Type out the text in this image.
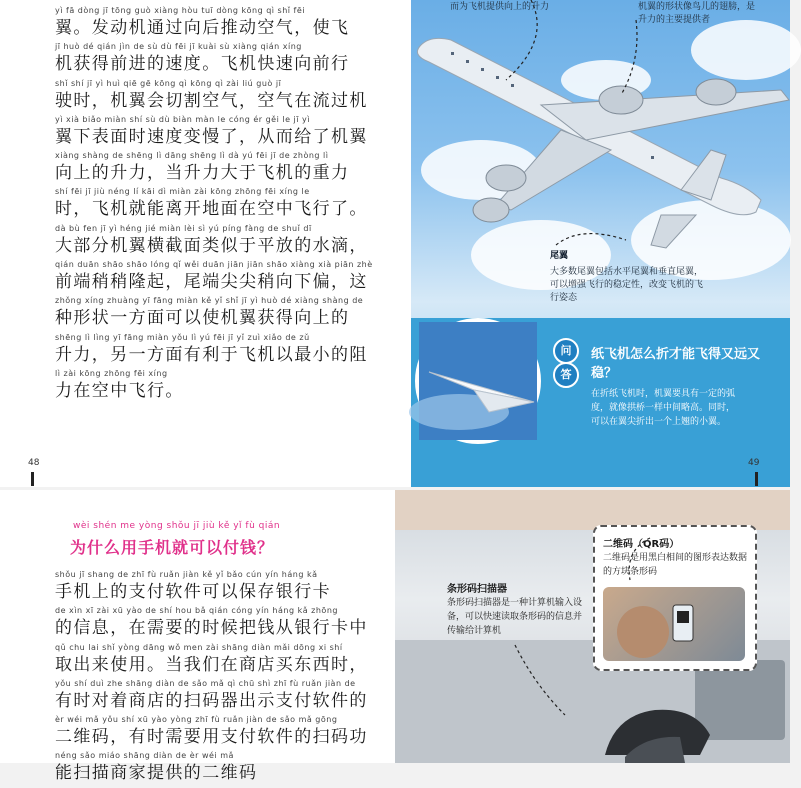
yì fā dòng jī tōng guò xiàng hòu tuī dòng kōng qì shǐ fēi
翼。发动机通过向后推动空气，使飞
jī huò dé qián jìn de sù dù fēi jī kuài sù xiàng qián xíng
机获得前进的速度。飞机快速向前行
shǐ shí jī yì huì qiē gē kōng qì kōng qì zài liú guò jī
驶时，机翼会切割空气，空气在流过机
yì xià biǎo miàn shí sù dù biàn màn le cóng ér gěi le jī yì
翼下表面时速度变慢了，从而给了机翼
xiàng shàng de shēng lì dāng shēng lì dà yú fēi jī de zhòng lì
向上的升力，当升力大于飞机的重力
shí fēi jī jiù néng lí kāi dì miàn zài kōng zhōng fēi xíng le
时，飞机就能离开地面在空中飞行了。
dà bù fen jī yì héng jié miàn lèi sì yú píng fàng de shuǐ dī
大部分机翼横截面类似于平放的水滴，
qián duān shāo shāo lóng qǐ wěi duān jiān jiān shāo xiàng xià piān zhè
前端稍稍隆起，尾端尖尖稍向下偏，这
zhǒng xíng zhuàng yī fāng miàn kě yǐ shǐ jī yì huò dé xiàng shàng de
种形状一方面可以使机翼获得向上的
shēng lì lìng yī fāng miàn yǒu lì yú fēi jī yǐ zuì xiǎo de zǔ
升力，另一方面有利于飞机以最小的阻
lì zài kōng zhōng fēi xíng
力在空中飞行。
48
而为飞机提供向上的升力	机翼的形状像鸟儿的翅膀，是升力的主要提供者
尾翼
大多数尾翼包括水平尾翼和垂直尾翼，可以增强飞行的稳定性，改变飞机的飞行姿态
问
答
纸飞机怎么折才能飞得又远又稳？
在折纸飞机时，机翼要具有一定的弧度，就像拱桥一样中间略高。同时，可以在翼尖折出一个上翘的小翼。
49
wèi shén me yòng shǒu jī jiù kě yǐ fù qián
为什么用手机就可以付钱？
shǒu jī shang de zhī fù ruǎn jiàn kě yǐ bǎo cún yín háng kǎ
手机上的支付软件可以保存银行卡
de xìn xī zài xū yào de shí hou bǎ qián cóng yín háng kǎ zhōng
的信息，在需要的时候把钱从银行卡中
qǔ chu lai shǐ yòng dāng wǒ men zài shāng diàn mǎi dōng xi shí
取出来使用。当我们在商店买东西时，
yǒu shí duì zhe shāng diàn de sǎo mǎ qì chū shì zhī fù ruǎn jiàn de
有时对着商店的扫码器出示支付软件的
èr wéi mǎ yǒu shí xū yào yòng zhī fù ruǎn jiàn de sǎo mǎ gōng
二维码，有时需要用支付软件的扫码功
néng sǎo miáo shāng diàn de èr wéi mǎ
能扫描商家提供的二维码
二维码（QR码）
二维码是用黑白相间的图形表达数据的方块条形码
条形码扫描器
条形码扫描器是一种计算机输入设备，可以快速读取条形码的信息并传输给计算机
